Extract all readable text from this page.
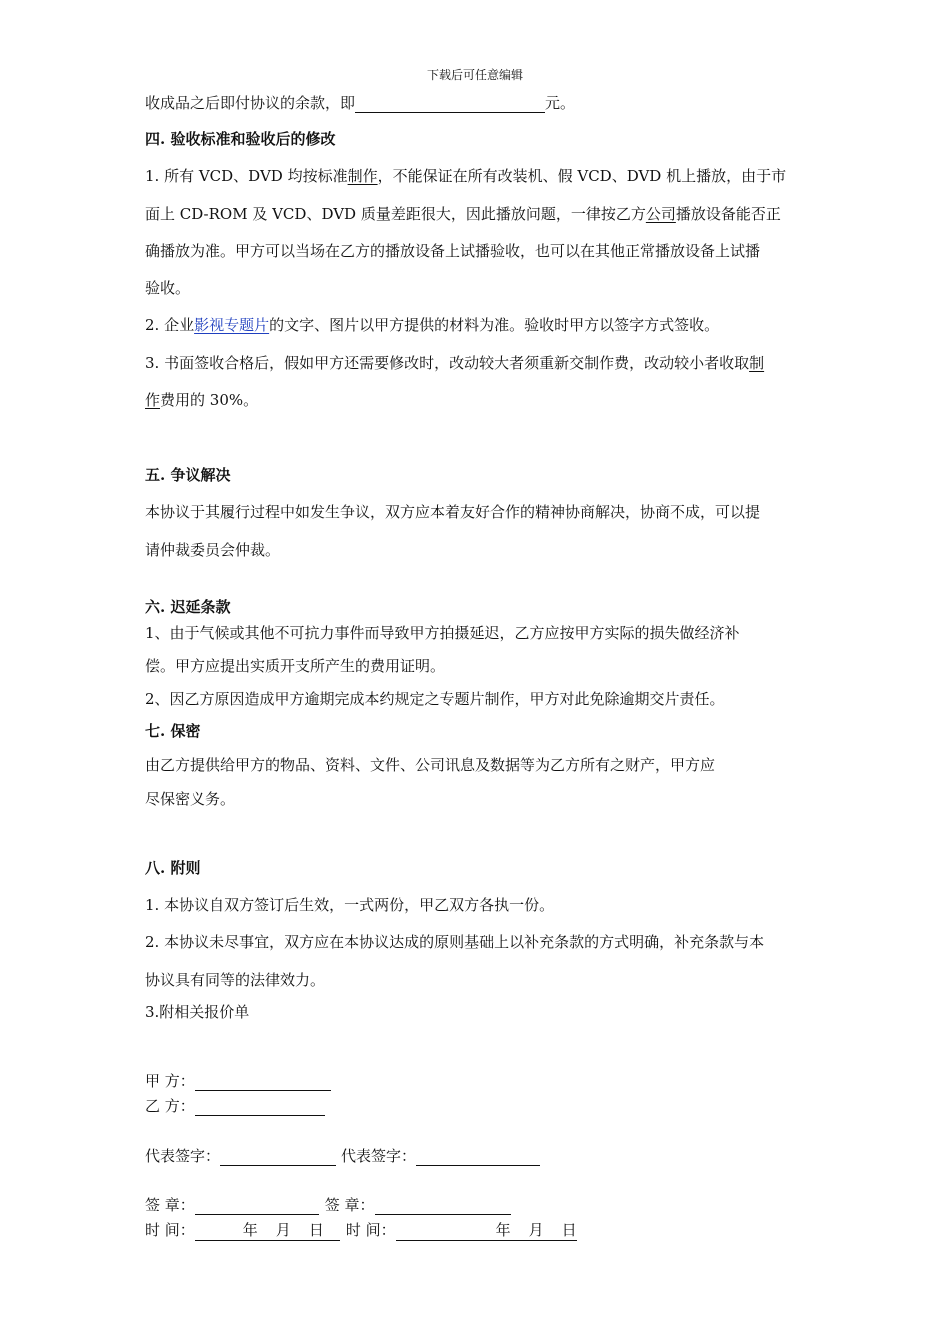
下载后可任意编辑
收成品之后即付协议的余款，即	元。
四. 验收标准和验收后的修改
1. 所有 VCD、DVD 均按标准制作，不能保证在所有改装机、假 VCD、DVD 机上播放，由于市
面上 CD-ROM 及 VCD、DVD 质量差距很大，因此播放问题，一律按乙方公司播放设备能否正
确播放为准。甲方可以当场在乙方的播放设备上试播验收，也可以在其他正常播放设备上试播
验收。
2. 企业影视专题片的文字、图片以甲方提供的材料为准。验收时甲方以签字方式签收。
3. 书面签收合格后，假如甲方还需要修改时，改动较大者须重新交制作费，改动较小者收取制
作费用的 30%。
五. 争议解决
本协议于其履行过程中如发生争议，双方应本着友好合作的精神协商解决，协商不成，可以提
请仲裁委员会仲裁。
六. 迟延条款
1、由于气候或其他不可抗力事件而导致甲方拍摄延迟，乙方应按甲方实际的损失做经济补
偿。甲方应提出实质开支所产生的费用证明。
2、因乙方原因造成甲方逾期完成本约规定之专题片制作，甲方对此免除逾期交片责任。
七. 保密
由乙方提供给甲方的物品、资料、文件、公司讯息及数据等为乙方所有之财产，甲方应
尽保密义务。
八. 附则
1. 本协议自双方签订后生效，一式两份，甲乙双方各执一份。
2. 本协议未尽事宜，双方应在本协议达成的原则基础上以补充条款的方式明确，补充条款与本
协议具有同等的法律效力。
3.附相关报价单
甲 方：
乙 方：
代表签字：	代表签字：
签 章：	签 章：
时 间：	年 月 日 时 间：	年 月 日
